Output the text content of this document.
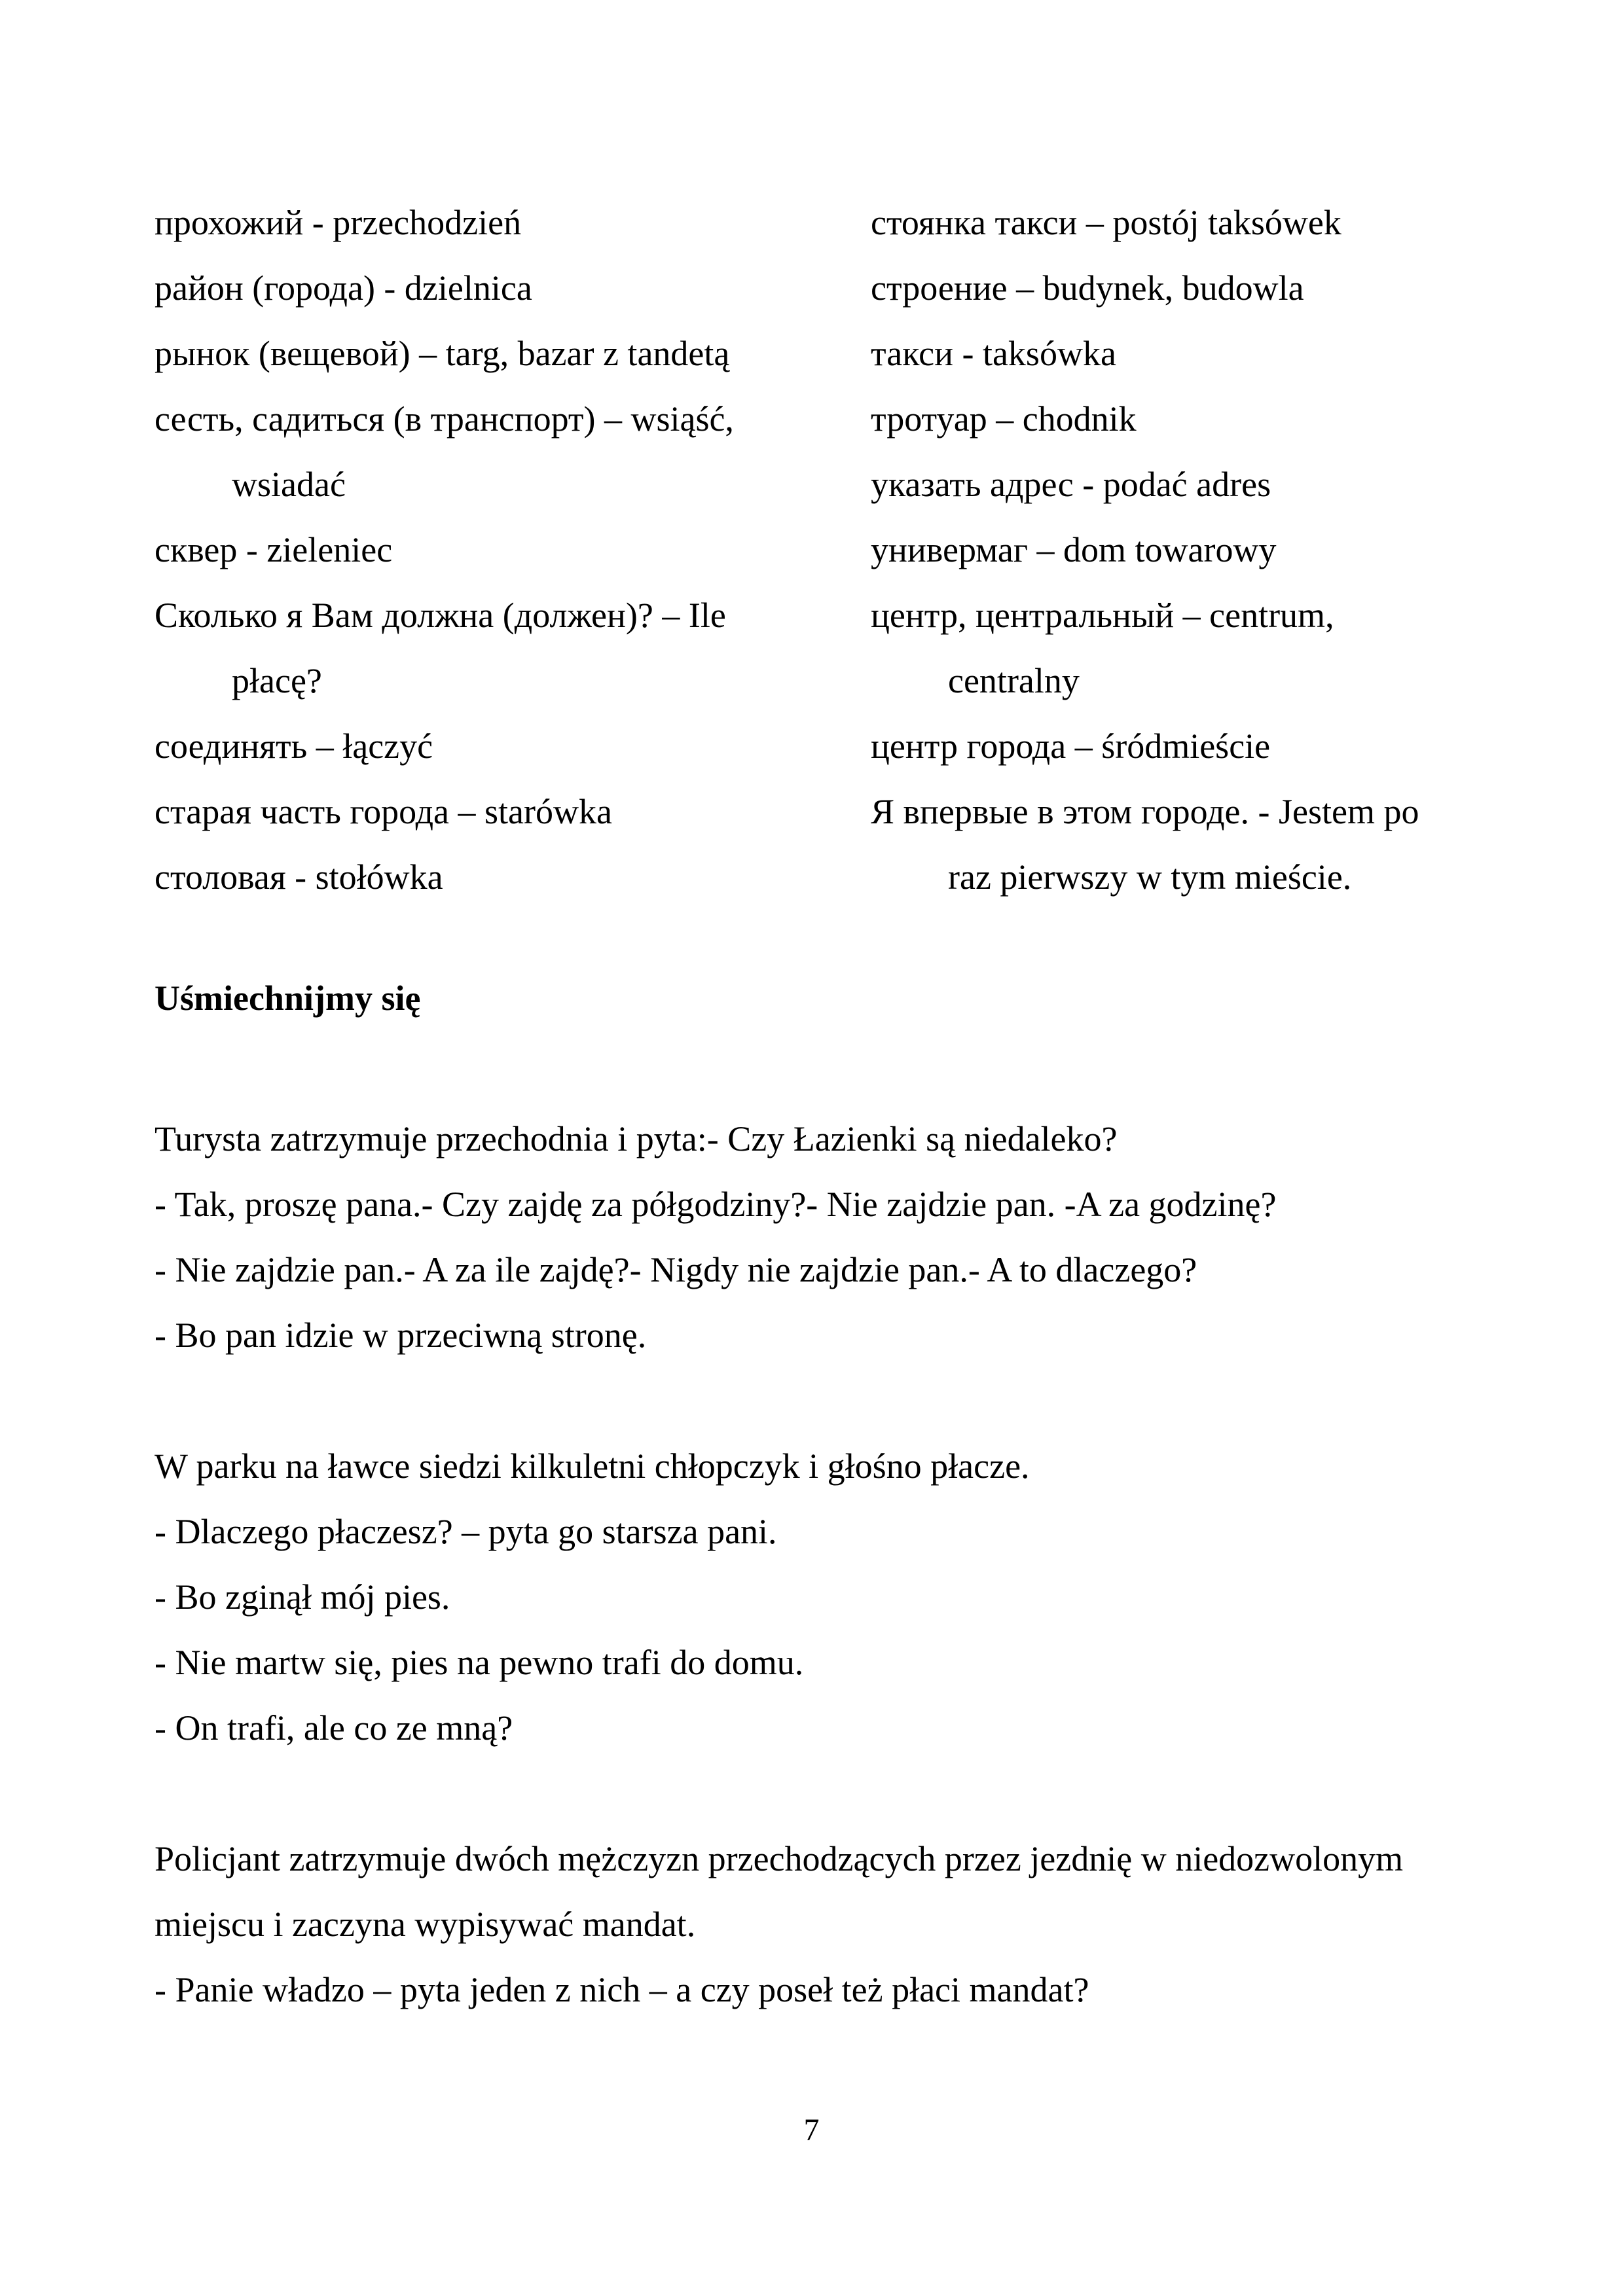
прохожий - przechodzień
район (города) - dzielnica
рынок (вещевой) – targ, bazar z tandetą
сесть, садиться (в транспорт) – wsiąść,
wsiadać
сквер - zieleniec
Сколько я Вам должна (должен)? – Ile
płacę?
соединять – łączyć
старая часть города – starówka
столовая - stołówka
стоянка такси – postój taksówek
строение – budynek, budowla
такси - taksówka
тротуар – chodnik
указать адрес - podać adres
универмаг – dom towarowy
центр, центральный – centrum,
centralny
центр города – śródmieście
Я впервые в этом городе. - Jestem po
raz pierwszy w tym mieście.
Uśmiechnijmy się

Turysta zatrzymuje przechodnia i pyta:- Czy Łazienki są niedaleko?

- Tak, proszę pana.- Czy zajdę za półgodziny?- Nie zajdzie pan. -A za godzinę?

- Nie zajdzie pan.- A za ile zajdę?- Nigdy nie zajdzie pan.- A to dlaczego?

- Bo pan idzie w przeciwną stronę.

W parku na ławce siedzi kilkuletni chłopczyk i głośno płacze.

- Dlaczego płaczesz? – pyta go starsza pani.

- Bo zginął mój pies.

- Nie martw się, pies na pewno trafi do domu.

- On trafi, ale co ze mną?

Policjant zatrzymuje dwóch mężczyzn przechodzących przez jezdnię w niedozwolonym

miejscu i zaczyna wypisywać mandat.

- Panie władzo – pyta jeden z nich – a czy poseł też płaci mandat?

7
